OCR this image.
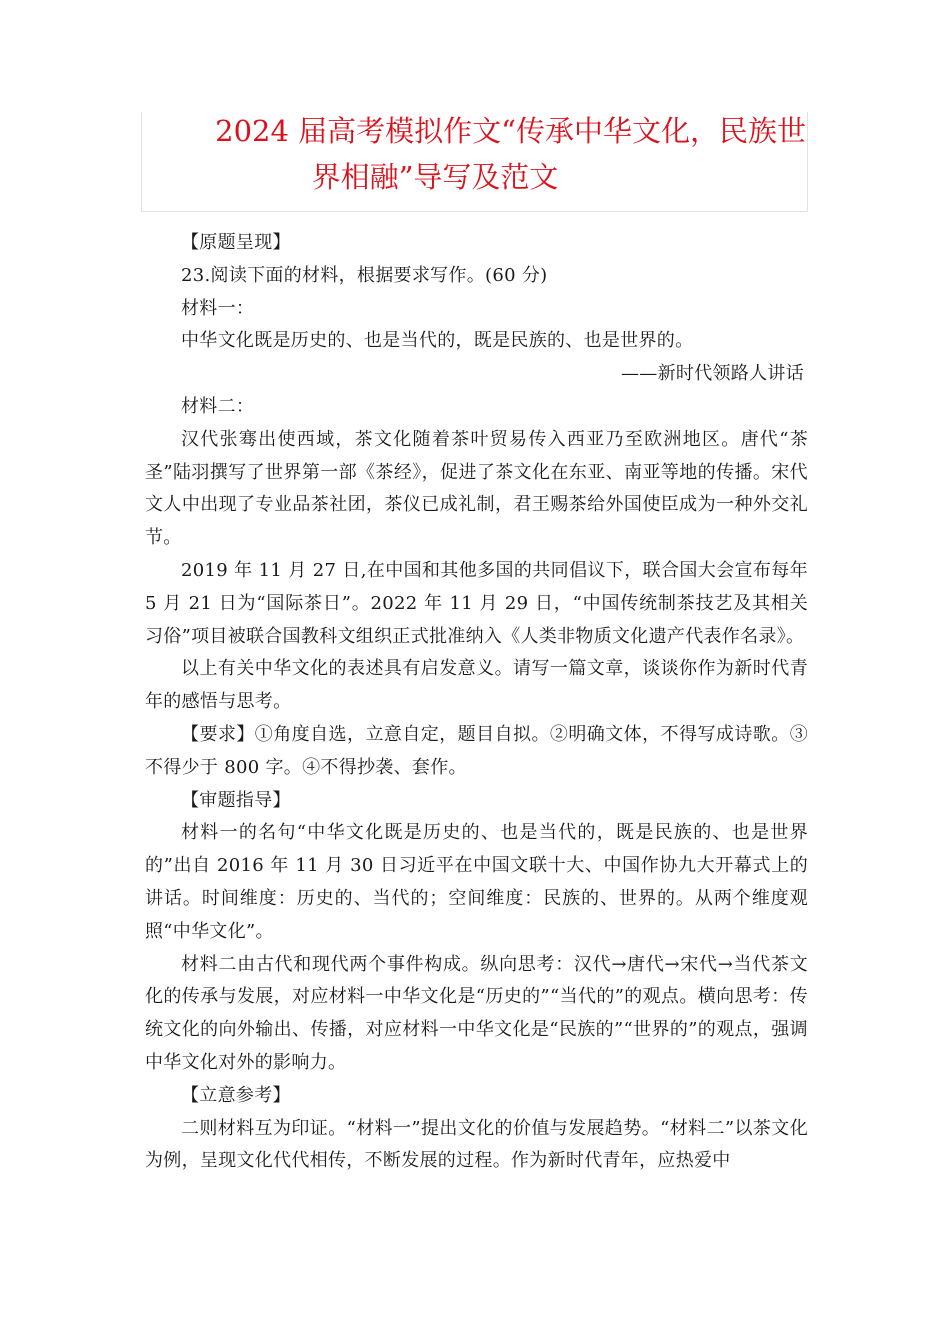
2024 届高考模拟作文“传承中华文化，民族世
界相融”导写及范文

【原题呈现】

23.阅读下面的材料，根据要求写作。(60 分)

材料一：

中华文化既是历史的、也是当代的，既是民族的、也是世界的。

——新时代领路人讲话

材料二：

汉代张骞出使西域，茶文化随着茶叶贸易传入西亚乃至欧洲地区。唐代“茶圣”陆羽撰写了世界第一部《茶经》，促进了茶文化在东亚、南亚等地的传播。宋代文人中出现了专业品茶社团，茶仪已成礼制，君王赐茶给外国使臣成为一种外交礼节。

2019 年 11 月 27 日,在中国和其他多国的共同倡议下，联合国大会宣布每年 5 月 21 日为“国际茶日”。2022 年 11 月 29 日，“中国传统制茶技艺及其相关习俗”项目被联合国教科文组织正式批准纳入《人类非物质文化遗产代表作名录》。

以上有关中华文化的表述具有启发意义。请写一篇文章，谈谈你作为新时代青年的感悟与思考。

【要求】①角度自选，立意自定，题目自拟。②明确文体，不得写成诗歌。③不得少于 800 字。④不得抄袭、套作。

【审题指导】

材料一的名句“中华文化既是历史的、也是当代的，既是民族的、也是世界的”出自 2016 年 11 月 30 日习近平在中国文联十大、中国作协九大开幕式上的讲话。时间维度：历史的、当代的；空间维度：民族的、世界的。从两个维度观照“中华文化”。

材料二由古代和现代两个事件构成。纵向思考：汉代→唐代→宋代→当代茶文化的传承与发展，对应材料一中华文化是“历史的”“当代的”的观点。横向思考：传统文化的向外输出、传播，对应材料一中华文化是“民族的”“世界的”的观点，强调中华文化对外的影响力。

【立意参考】

二则材料互为印证。“材料一”提出文化的价值与发展趋势。“材料二”以茶文化为例，呈现文化代代相传，不断发展的过程。作为新时代青年，应热爱中
